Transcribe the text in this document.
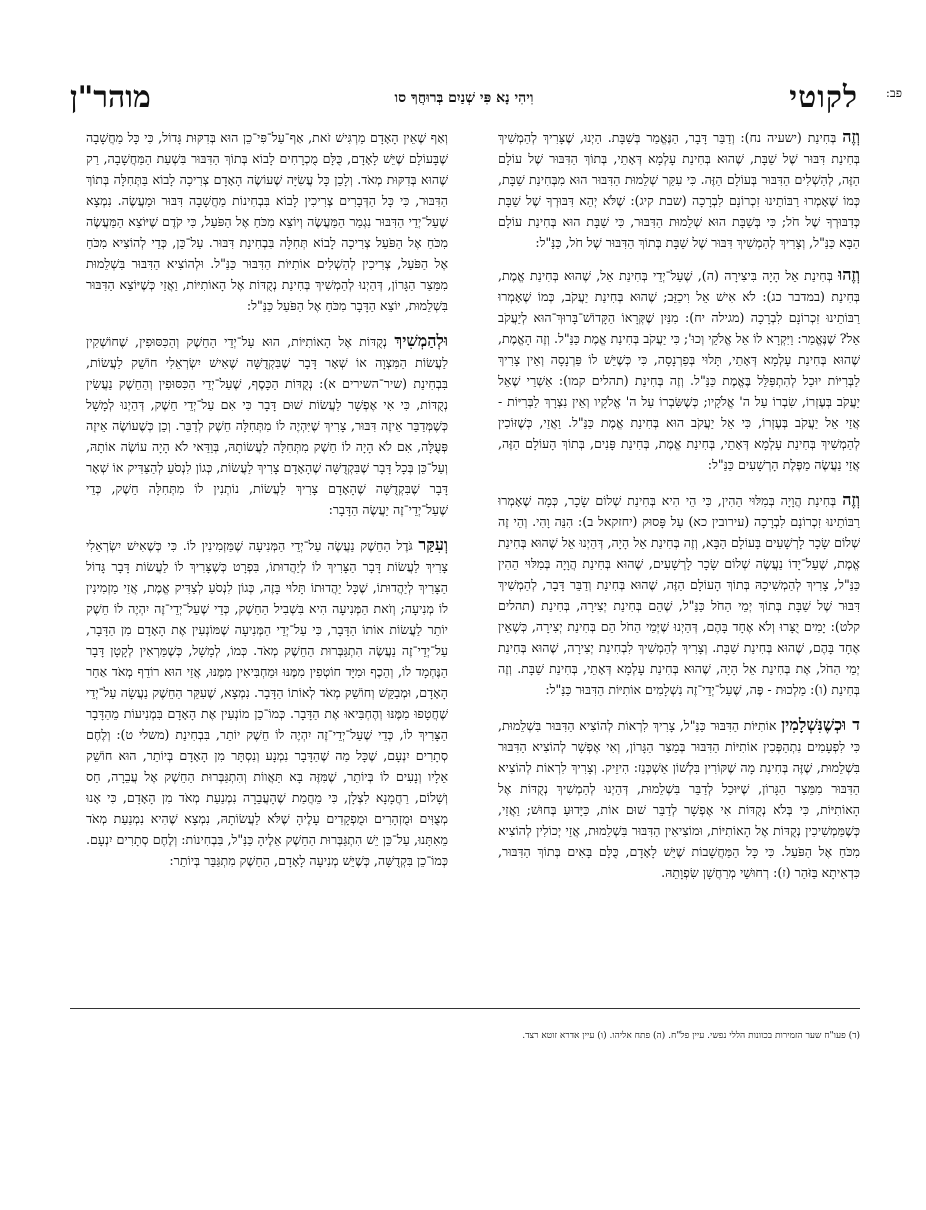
לקוטי פב:
וִיהִי נָא פִּי שְׁנַיִם בְּרוּחֲךָ סו
מוהר"ן

וְזֶה בְּחִינַת (ישעיה נח): וְדַבֵּר דָּבָר, הַנֶּאֱמַר בְּשַׁבָּת. הַיְנוּ, שֶׁצָּרִיךְ לְהַמְשִׁיךְ בְּחִינַת דִּבּוּר שֶׁל שַׁבָּת, שֶׁהוּא בְּחִינַת עָלְמָא דְּאָתֵי, בְּתוֹךְ הַדִּבּוּר שֶׁל עוֹלָם הַזֶּה, לְהַשְׁלִים הַדִּבּוּר בְּעוֹלָם הַזֶּה. כִּי עִקַּר שְׁלֵמוּת הַדִּבּוּר הוּא מִבְּחִינַת שַׁבָּת, כְּמוֹ שֶׁאָמְרוּ רַבּוֹתֵינוּ זִכְרוֹנָם לִבְרָכָה (שבת קיג): שֶׁלֹּא יְהֵא דִּבּוּרְךָ שֶׁל שַׁבָּת כְּדִבּוּרְךָ שֶׁל חֹל; כִּי בְּשַׁבָּת הוּא שְׁלֵמוּת הַדִּבּוּר, כִּי שַׁבָּת הוּא בְּחִינַת עוֹלָם הַבָּא כַּנַּ"ל, וְצָרִיךְ לְהַמְשִׁיךְ דִּבּוּר שֶׁל שַׁבָּת בְּתוֹךְ הַדִּבּוּר שֶׁל חֹל, כַּנַּ"ל:

וְזֶהוּ בְּחִינַת אֵל הָיָה בִּיצִירָה (ה), שֶׁעַל־יְדֵי בְּחִינַת אֵל, שֶׁהוּא בְּחִינַת אֱמֶת, בְּחִינַת (במדבר כג): לֹא אִישׁ אֵל וִיכַזֵּב; שֶׁהוּא בְּחִינַת יַעֲקֹב, כְּמוֹ שֶׁאָמְרוּ רַבּוֹתֵינוּ זִכְרוֹנָם לִבְרָכָה (מגילה יח): מִנַּיִן שֶׁקְּרָאוֹ הַקָּדוֹשׁ־בָּרוּךְ־הוּא לְיַעֲקֹב אֵל? שֶׁנֶּאֱמַר: וַיִּקְרָא לוֹ אֵל אֱלֹקֵי וְכוּ'; כִּי יַעֲקֹב בְּחִינַת אֱמֶת כַּנַּ"ל. וְזֶה הָאֱמֶת, שֶׁהוּא בְּחִינַת עָלְמָא דְּאָתֵי, תָּלוּי בְּפַרְנָסָה, כִּי כְּשֶׁיֵּשׁ לוֹ פַּרְנָסָה וְאֵין צָרִיךְ לַבְּרִיּוֹת יוּכַל לְהִתְפַּלֵּל בֶּאֱמֶת כַּנַּ"ל. וְזֶה בְּחִינַת (תהלים קמו): אַשְׁרֵי שֶׁאֵל יַעֲקֹב בְּעֶזְרוֹ, שִׂבְרוֹ עַל ה' אֱלֹקָיו; כְּשֶׁשִּׂבְרוֹ עַל ה' אֱלֹקָיו וְאֵין נִצְרָךְ לַבְּרִיּוֹת - אֲזַי אֵל יַעֲקֹב בְּעֶזְרוֹ, כִּי אֵל יַעֲקֹב הוּא בְּחִינַת אֱמֶת כַּנַּ"ל. וַאֲזַי, כְּשֶׁזּוֹכִין לְהַמְשִׁיךְ בְּחִינַת עָלְמָא דְּאָתֵי, בְּחִינַת אֱמֶת, בְּחִינַת פָּנִים, בְּתוֹךְ הָעוֹלָם הַזֶּה, אֲזַי נַעֲשֶׂה מַפֶּלֶת הָרְשָׁעִים כַּנַּ"ל:

וְזֶה בְּחִינַת הֲוָיָה בְּמִלּוּי הֵהִין, כִּי הֵי הִיא בְּחִינַת שְׁלוֹם שָׂכָר, כְּמָה שֶׁאָמְרוּ רַבּוֹתֵינוּ זִכְרוֹנָם לִבְרָכָה (עירובין כא) עַל פָּסוּק (יחזקאל ב): הִנֵּה וָהִי. וְהֵי זֶה שְׁלוֹם שָׂכָר לָרְשָׁעִים בָּעוֹלָם הַבָּא, וְזֶה בְּחִינַת אֵל הָיָה, דְּהַיְנוּ אֵל שֶׁהוּא בְּחִינַת אֱמֶת, שֶׁעַל־יָדוֹ נַעֲשֶׂה שְׁלוֹם שָׂכָר לָרְשָׁעִים, שֶׁהוּא בְּחִינַת הֲוָיָה בְּמִלּוּי הֵהִין כַּנַּ"ל, צָרִיךְ לְהַמְשִׁיכָהּ בְּתוֹךְ הָעוֹלָם הַזֶּה, שֶׁהוּא בְּחִינַת וְדַבֵּר דָּבָר, לְהַמְשִׁיךְ דִּבּוּר שֶׁל שַׁבָּת בְּתוֹךְ יְמֵי הַחֹל כַּנַּ"ל, שֶׁהֵם בְּחִינַת יְצִירָה, בְּחִינַת (תהלים קלט): יָמִים יֻצָּרוּ וְלֹא אֶחָד בָּהֶם, דְּהַיְנוּ שֶׁיְּמֵי הַחֹל הֵם בְּחִינַת יְצִירָה, כְּשֶׁאֵין אֶחָד בָּהֶם, שֶׁהוּא בְּחִינַת שַׁבָּת. וְצָרִיךְ לְהַמְשִׁיךְ לִבְחִינַת יְצִירָה, שֶׁהוּא בְּחִינַת יְמֵי הַחֹל, אֶת בְּחִינַת אֵל הָיָה, שֶׁהוּא בְּחִינַת עָלְמָא דְּאָתֵי, בְּחִינַת שַׁבָּת. וְזֶה בְּחִינַת (ו): מַלְכוּת - פֶּה, שֶׁעַל־יְדֵי־זֶה נִשְׁלָמִים אוֹתִיּוֹת הַדִּבּוּר כַּנַּ"ל:

ד וּכְשֶׁנִּשְׁלָמִין אוֹתִיּוֹת הַדִּבּוּר כַּנַּ"ל, צָרִיךְ לִרְאוֹת לְהוֹצִיא הַדִּבּוּר בִּשְׁלֵמוּת, כִּי לִפְעָמִים נִתְהַפְּכִין אוֹתִיּוֹת הַדִּבּוּר בְּמֵצַר הַגָּרוֹן, וְאִי אֶפְשָׁר לְהוֹצִיא הַדִּבּוּר בִּשְׁלֵמוּת, שֶׁזֶּה בְּחִינַת מָה שֶׁקּוֹרִין בִּלְשׁוֹן אַשְׁכְּנַז: הִיזֵיק. וְצָרִיךְ לִרְאוֹת לְהוֹצִיא הַדִּבּוּר מִמֵּצַר הַגָּרוֹן, שֶׁיּוּכַל לְדַבֵּר בִּשְׁלֵמוּת, דְּהַיְנוּ לְהַמְשִׁיךְ נְקֻדּוֹת אֶל הָאוֹתִיּוֹת, כִּי בְּלֹא נְקֻדּוֹת אִי אֶפְשָׁר לְדַבֵּר שׁוּם אוֹת, כַּיָּדוּעַ בְּחוּשׁ; וַאֲזַי, כְּשֶׁמַּמְשִׁיכִין נְקֻדּוֹת אֶל הָאוֹתִיּוֹת, וּמוֹצִיאִין הַדִּבּוּר בִּשְׁלֵמוּת, אֲזַי יְכוֹלִין לְהוֹצִיא מִכֹּחַ אֶל הַפֹּעַל. כִּי כָּל הַמַּחֲשָׁבוֹת שֶׁיֵּשׁ לָאָדָם, כֻּלָּם בָּאִים בְּתוֹךְ הַדִּבּוּר, כִּדְאִיתָא בַּזֹּהַר (ז): רְחוּשֵׁי מְרַחֲשָׁן שִׂפְוָתֵהּ.

וְאַף שֶׁאֵין הָאָדָם מַרְגִּישׁ זֹאת, אַף־עַל־פִּי־כֵן הוּא בְּדִקּוּת גָּדוֹל, כִּי כָּל מַחֲשָׁבָה שֶׁבָּעוֹלָם שֶׁיֵּשׁ לָאָדָם, כֻּלָּם מֻכְרָחִים לָבוֹא בְּתוֹךְ הַדִּבּוּר בִּשְׁעַת הַמַּחֲשָׁבָה, רַק שֶׁהוּא בְּדִקּוּת מְאֹד. וְלָכֵן כָּל עֲשִׂיָּה שֶׁעוֹשֶׂה הָאָדָם צְרִיכָה לָבוֹא בַּתְּחִלָּה בְּתוֹךְ הַדִּבּוּר, כִּי כָּל הַדְּבָרִים צְרִיכִין לָבוֹא בִּבְחִינוֹת מַחֲשָׁבָה דִּבּוּר וּמַעֲשֶׂה. נִמְצָא שֶׁעַל־יְדֵי הַדִּבּוּר נִגְמַר הַמַּעֲשֶׂה וְיוֹצֵא מִכֹּחַ אֶל הַפֹּעַל, כִּי קֹדֶם שֶׁיּוֹצֵא הַמַּעֲשֶׂה מִכֹּחַ אֶל הַפֹּעַל צְרִיכָה לָבוֹא תְּחִלָּה בִּבְחִינַת דִּבּוּר. עַל־כֵּן, כְּדֵי לְהוֹצִיא מִכֹּחַ אֶל הַפֹּעַל, צְרִיכִין לְהַשְׁלִים אוֹתִיּוֹת הַדִּבּוּר כַּנַּ"ל. וּלְהוֹצִיא הַדִּבּוּר בִּשְׁלֵמוּת מִמֵּצַר הַגָּרוֹן, דְּהַיְנוּ לְהַמְשִׁיךְ בְּחִינַת נְקֻדּוֹת אֶל הָאוֹתִיּוֹת, וַאֲזַי כְּשֶׁיּוֹצֵא הַדִּבּוּר בִּשְׁלֵמוּת, יוֹצֵא הַדָּבָר מִכֹּחַ אֶל הַפֹּעַל כַּנַּ"ל:

וּלְהַמְשִׁיךְ נְקֻדּוֹת אֶל הָאוֹתִיּוֹת, הוּא עַל־יְדֵי הַחֵשֶׁק וְהַכִּסּוּפִין, שֶׁחוֹשְׁקִין לַעֲשׂוֹת הַמִּצְוָה אוֹ שְׁאָר דָּבָר שֶׁבִּקְדֻשָּׁה שֶׁאִישׁ יִשְׂרְאֵלִי חוֹשֵׁק לַעֲשׂוֹת, בִּבְחִינַת (שיר־השירים א): נְקֻדּוֹת הַכָּסֶף, שֶׁעַל־יְדֵי הַכִּסּוּפִין וְהַחֵשֶׁק נַעֲשִׂין נְקֻדּוֹת, כִּי אִי אֶפְשָׁר לַעֲשׂוֹת שׁוּם דָּבָר כִּי אִם עַל־יְדֵי חֵשֶׁק, דְּהַיְנוּ לְמָשָׁל כְּשֶׁמְּדַבֵּר אֵיזֶה דִּבּוּר, צָרִיךְ שֶׁיִּהְיֶה לוֹ מִתְּחִלָּה חֵשֶׁק לְדַבֵּר. וְכֵן כְּשֶׁעוֹשֶׂה אֵיזֶה פְּעֻלָּה, אִם לֹא הָיָה לוֹ חֵשֶׁק מִתְּחִלָּה לַעֲשׂוֹתָהּ, בְּוַדַּאי לֹא הָיָה עוֹשֶׂה אוֹתָהּ, וְעַל־כֵּן בְּכָל דָּבָר שֶׁבִּקְדֻשָּׁה שֶׁהָאָדָם צָרִיךְ לַעֲשׂוֹת, כְּגוֹן לִנְסֹעַ לְהַצַּדִּיק אוֹ שְׁאָר דָּבָר שֶׁבִּקְדֻשָּׁה שֶׁהָאָדָם צָרִיךְ לַעֲשׂוֹת, נוֹתְנִין לוֹ מִתְּחִלָּה חֵשֶׁק, כְּדֵי שֶׁעַל־יְדֵי־זֶה יַעֲשֶׂה הַדָּבָר:

וְעִקַּר גֹּדֶל הַחֵשֶׁק נַעֲשֶׂה עַל־יְדֵי הַמְּנִיעָה שֶׁמַּזְמִינִין לוֹ. כִּי כְּשֶׁאִישׁ יִשְׂרְאֵלִי צָרִיךְ לַעֲשׂוֹת דָּבָר הַצָּרִיךְ לוֹ לְיַהֲדוּתוֹ, בִּפְרָט כְּשֶׁצָּרִיךְ לוֹ לַעֲשׂוֹת דָּבָר גָּדוֹל הַצָּרִיךְ לְיַהֲדוּתוֹ, שֶׁכָּל יַהֲדוּתוֹ תָּלוּי בָּזֶה, כְּגוֹן לִנְסֹעַ לְצַדִּיק אֱמֶת, אֲזַי מַזְמִינִין לוֹ מְנִיעָה; וְזֹאת הַמְּנִיעָה הִיא בִּשְׁבִיל הַחֵשֶׁק, כְּדֵי שֶׁעַל־יְדֵי־זֶה יִהְיֶה לוֹ חֵשֶׁק יוֹתֵר לַעֲשׂוֹת אוֹתוֹ הַדָּבָר, כִּי עַל־יְדֵי הַמְּנִיעָה שֶׁמּוֹנְעִין אֶת הָאָדָם מִן הַדָּבָר, עַל־יְדֵי־זֶה נַעֲשֶׂה הִתְגַּבְּרוּת הַחֵשֶׁק מְאֹד. כְּמוֹ, לְמָשָׁל, כְּשֶׁמַּרְאִין לְקָטָן דָּבָר הַנֶּחְמָד לוֹ, וְהֵכֶף וּמִיָּד חוֹטְפִין מִמֶּנּוּ וּמַחְבִּיאִין מִמֶּנּוּ, אֲזַי הוּא רוֹדֵף מְאֹד אַחַר הָאָדָם, וּמְבַקֵּשׁ וְחוֹשֵׁק מְאֹד לְאוֹתוֹ הַדָּבָר. נִמְצָא, שֶׁעִקַּר הַחֵשֶׁק נַעֲשָׂה עַל־יְדֵי שֶׁחֲטָפוּ מִמֶּנּוּ וְהֶחְבִּיאוּ אֶת הַדָּבָר. כְּמוֹ־כֵן מוֹנְעִין אֶת הָאָדָם בִּמְנִיעוֹת מֵהַדָּבָר הַצָּרִיךְ לוֹ, כְּדֵי שֶׁעַל־יְדֵי־זֶה יִהְיֶה לוֹ חֵשֶׁק יוֹתֵר, בִּבְחִינַת (משלי ט): וְלֶחֶם סְתָרִים יִנְעָם, שֶׁכָּל מַה שֶׁהַדָּבָר נִמְנָע וְנִסְתָּר מִן הָאָדָם בְּיוֹתֵר, הוּא חוֹשֵׁק אֵלָיו וְנָעִים לוֹ בְּיוֹתֵר, שֶׁמִּזֶּה בָּא תַּאֲווֹת וְהִתְגַּבְּרוּת הַחֵשֶׁק אֶל עֲבֵרָה, חַס וְשָׁלוֹם, רַחֲמָנָא לִצְלָן, כִּי מֵחֲמַת שֶׁהָעֲבֵרָה נִמְנַעַת מְאֹד מִן הָאָדָם, כִּי אָנוּ מְצֻוִּים וּמֻזְהָרִים וּמֻפְקָדִים עָלֶיהָ שֶׁלֹּא לַעֲשׂוֹתָהּ, נִמְצָא שֶׁהִיא נִמְנַעַת מְאֹד מֵאִתָּנוּ, עַל־כֵּן יֵשׁ הִתְגַּבְּרוּת הַחֵשֶׁק אֵלֶיהָ כַּנַּ"ל, בִּבְחִינוֹת: וְלֶחֶם סְתָרִים יִנְעָם. כְּמוֹ־כֵן בִּקְדֻשָּׁה, כְּשֶׁיֵּשׁ מְנִיעָה לָאָדָם, הַחֵשֶׁק מִתְגַּבֵּר בְּיוֹתֵר:

(ד) פעו"ח שער הזמירות בכוונות הללי נפשי. עיין פל"ח. (ה) פתח אליהו. (ו) עיין אדרא זוטא רצד.
